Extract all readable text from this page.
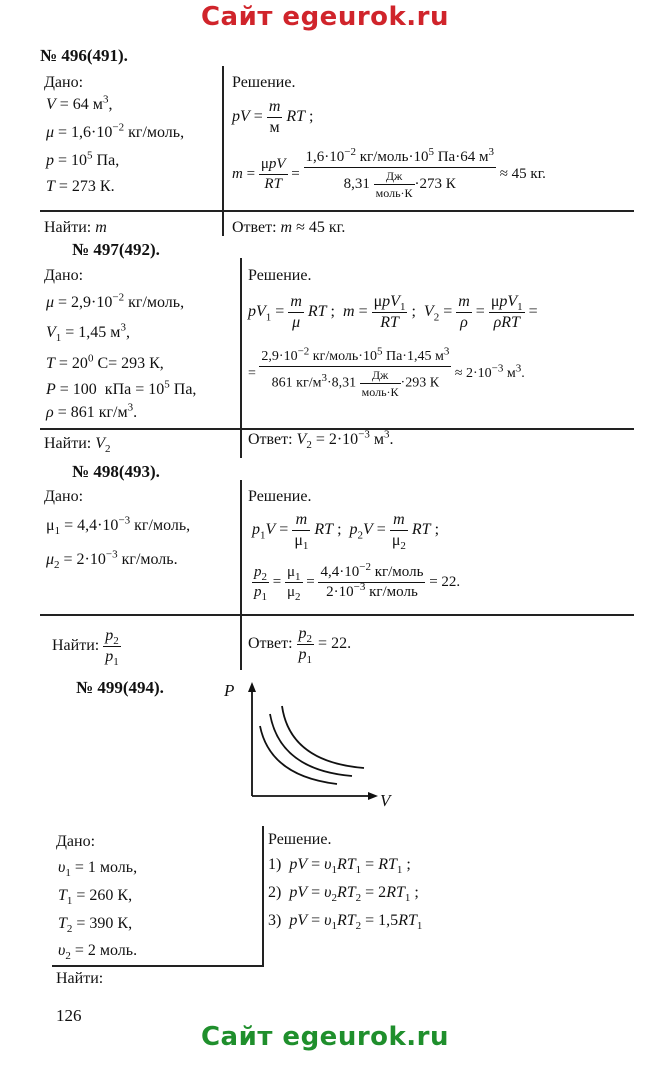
Сайт egeurok.ru
№ 496(491).
Дано:
V = 64 $м^3$,
$\mu = 1,6\cdot 10^{-2}$ кг/моль,
$p = 10^5$ Па,
T = 273 К.
Решение.
pV = $\frac{m}{м}$ RT ;
$m = \frac{\text{μpV}}{RT} = \frac{1,6\cdot 10^{-2} кг/моль\cdot 10^5 Па\cdot 64 м^3}{8,31 \frac{Дж}{\text{моль·К}} \cdot 273 К} \approx 45$ кг.
Найти: m	Ответ: m ≈ 45 кг.
№ 497(492).
Дано:
$\mu = 2,9\cdot 10^{-2}$ кг/моль,
$V_1 = 1,45$ $м^3$,
$T = 20^0$ С= 293 К,
P = 100  кПа = $10^5$ Па,
ρ = 861 $кг/м^3$.
Решение.
$pV_1 = \frac{m}{\mu}$ RT ;  $m = \frac{\mu pV_1}{RT}$ ;  $V_2 = \frac{m}{\rho} = \frac{\mu pV_1}{\text{ρRT}}$ =
= $\frac{2,9\cdot 10^{-2} кг/моль\cdot 10^5 Па\cdot 1,45 м^3}{861 кг/м^3\cdot 8,31 \frac{Дж}{\text{моль·К}} \cdot 293 К} \approx 2\cdot 10^{-3}$ $м^3$.
Найти: $V_2$
Ответ: $V_2 = 2\cdot 10^{-3}$ $м^3$.
№ 498(493).
Дано:
$\mu_1 = 4,4\cdot 10^{-3}$ кг/моль,
$\mu_2 = 2\cdot 10^{-3}$ кг/моль.
Решение.
$p_1V = \frac{m}{\mu_1}$ RT ;  $p_2V = \frac{m}{\mu_2}$ RT ;
$\frac{p_2}{p_1} = \frac{\mu_1}{\mu_2} = \frac{4,4\cdot 10^{-2} кг/моль}{2\cdot 10^{-3} кг/моль} = 22$.
Найти: $\frac{p_2}{p_1}$	Ответ: $\frac{p_2}{p_1} = 22$.
№ 499(494).	P
V
Дано:
$\upsilon_1 = 1$ моль,
$T_1 = 260$ К,
$T_2 = 390$ К,
$\upsilon_2 = 2$ моль.
Решение.
1)  pV = $\upsilon_1RT_1 = RT_1$ ;
2)  pV = $\upsilon_2RT_2 = 2RT_1$ ;
3)  pV = $\upsilon_1RT_2 = 1,5RT_1$
Найти:
126
Сайт egeurok.ru
